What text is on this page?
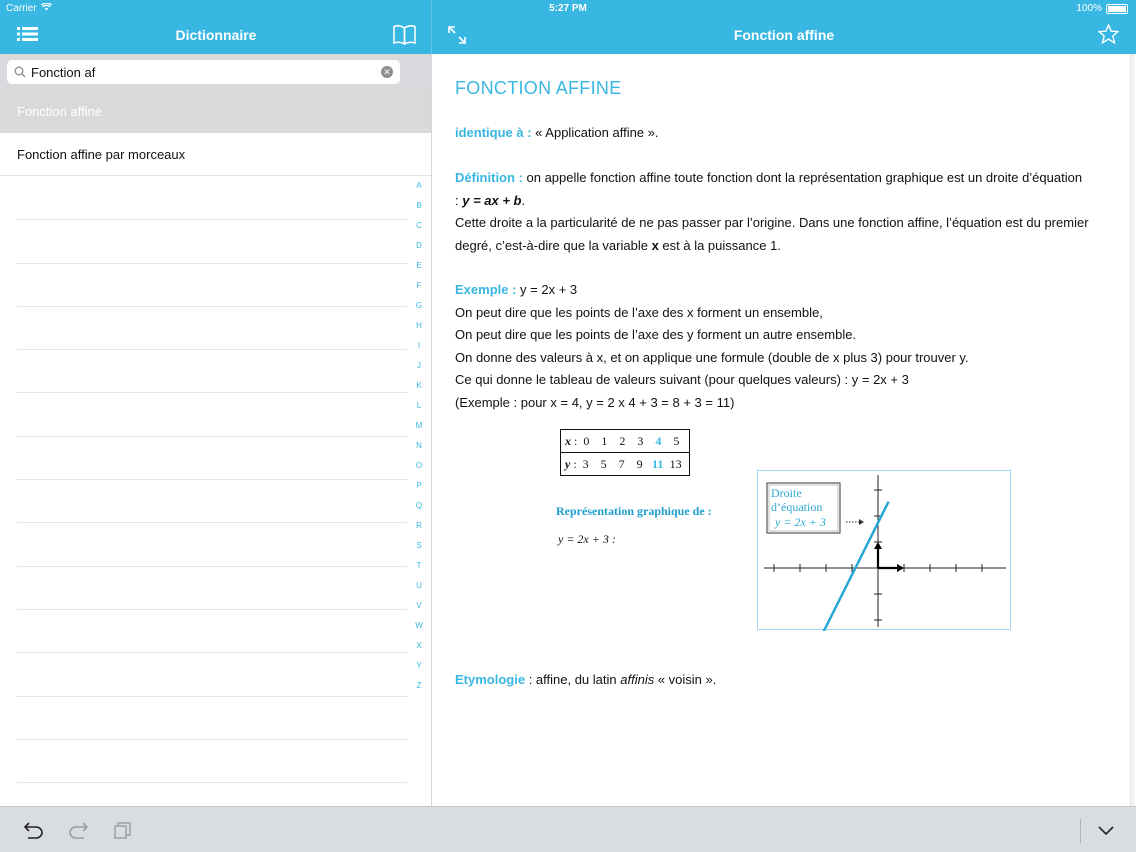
Carrier	5:27 PM	100%
Dictionnaire	Fonction affine
Fonction af
✕
Fonction affine
Fonction affine par morceaux
A
B
C
D
E
F
G
H
I
J
K
L
M
N
O
P
Q
R
S
T
U
V
W
X
Y
Z
FONCTION AFFINE
identique à : « Application affine ».
Définition : on appelle fonction affine toute fonction dont la représentation graphique est un droite d’équation
: y = ax + b.
Cette droite a la particularité de ne pas passer par l’origine. Dans une fonction affine, l’équation est du premier
degré, c’est-à-dire que la variable x est à la puissance 1.
Exemple : y = 2x + 3
On peut dire que les points de l’axe des x forment un ensemble,
On peut dire que les points de l’axe des y forment un autre ensemble.
On donne des valeurs à x, et on applique une formule (double de x plus 3) pour trouver y.
Ce qui donne le tableau de valeurs suivant (pour quelques valeurs) : y = 2x + 3
(Exemple : pour x = 4, y = 2 x 4 + 3 = 8 + 3 = 11)
x : 0 1 2 3 4 5
y : 3 5 7 9 11 13
Représentation graphique de :
y = 2x + 3 :
Droite
d’équation
y = 2x + 3
Etymologie : affine, du latin affinis « voisin ».
